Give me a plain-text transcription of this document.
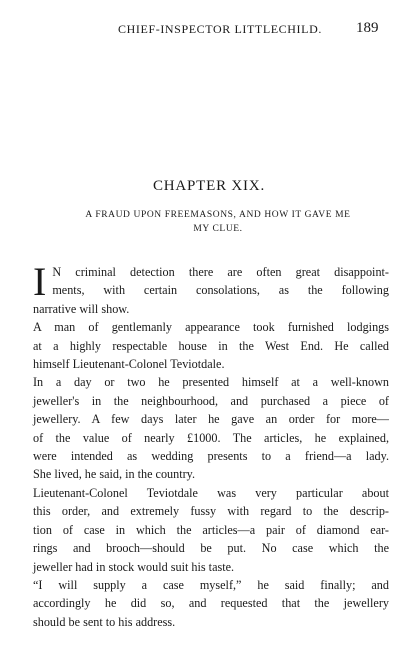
CHIEF-INSPECTOR LITTLECHILD.	189
CHAPTER XIX.
A FRAUD UPON FREEMASONS, AND HOW IT GAVE ME
MY CLUE.
I N criminal detection there are often great disappoint-
ments, with certain consolations, as the following
narrative will show.
A man of gentlemanly appearance took furnished lodgings
at a highly respectable house in the West End. He called
himself Lieutenant-Colonel Teviotdale.
In a day or two he presented himself at a well-known
jeweller's in the neighbourhood, and purchased a piece of
jewellery. A few days later he gave an order for more—
of the value of nearly £1000. The articles, he explained,
were intended as wedding presents to a friend—a lady.
She lived, he said, in the country.
Lieutenant-Colonel Teviotdale was very particular about
this order, and extremely fussy with regard to the descrip-
tion of case in which the articles—a pair of diamond ear-
rings and brooch—should be put. No case which the
jeweller had in stock would suit his taste.
“I will supply a case myself,” he said finally; and
accordingly he did so, and requested that the jewellery
should be sent to his address.
